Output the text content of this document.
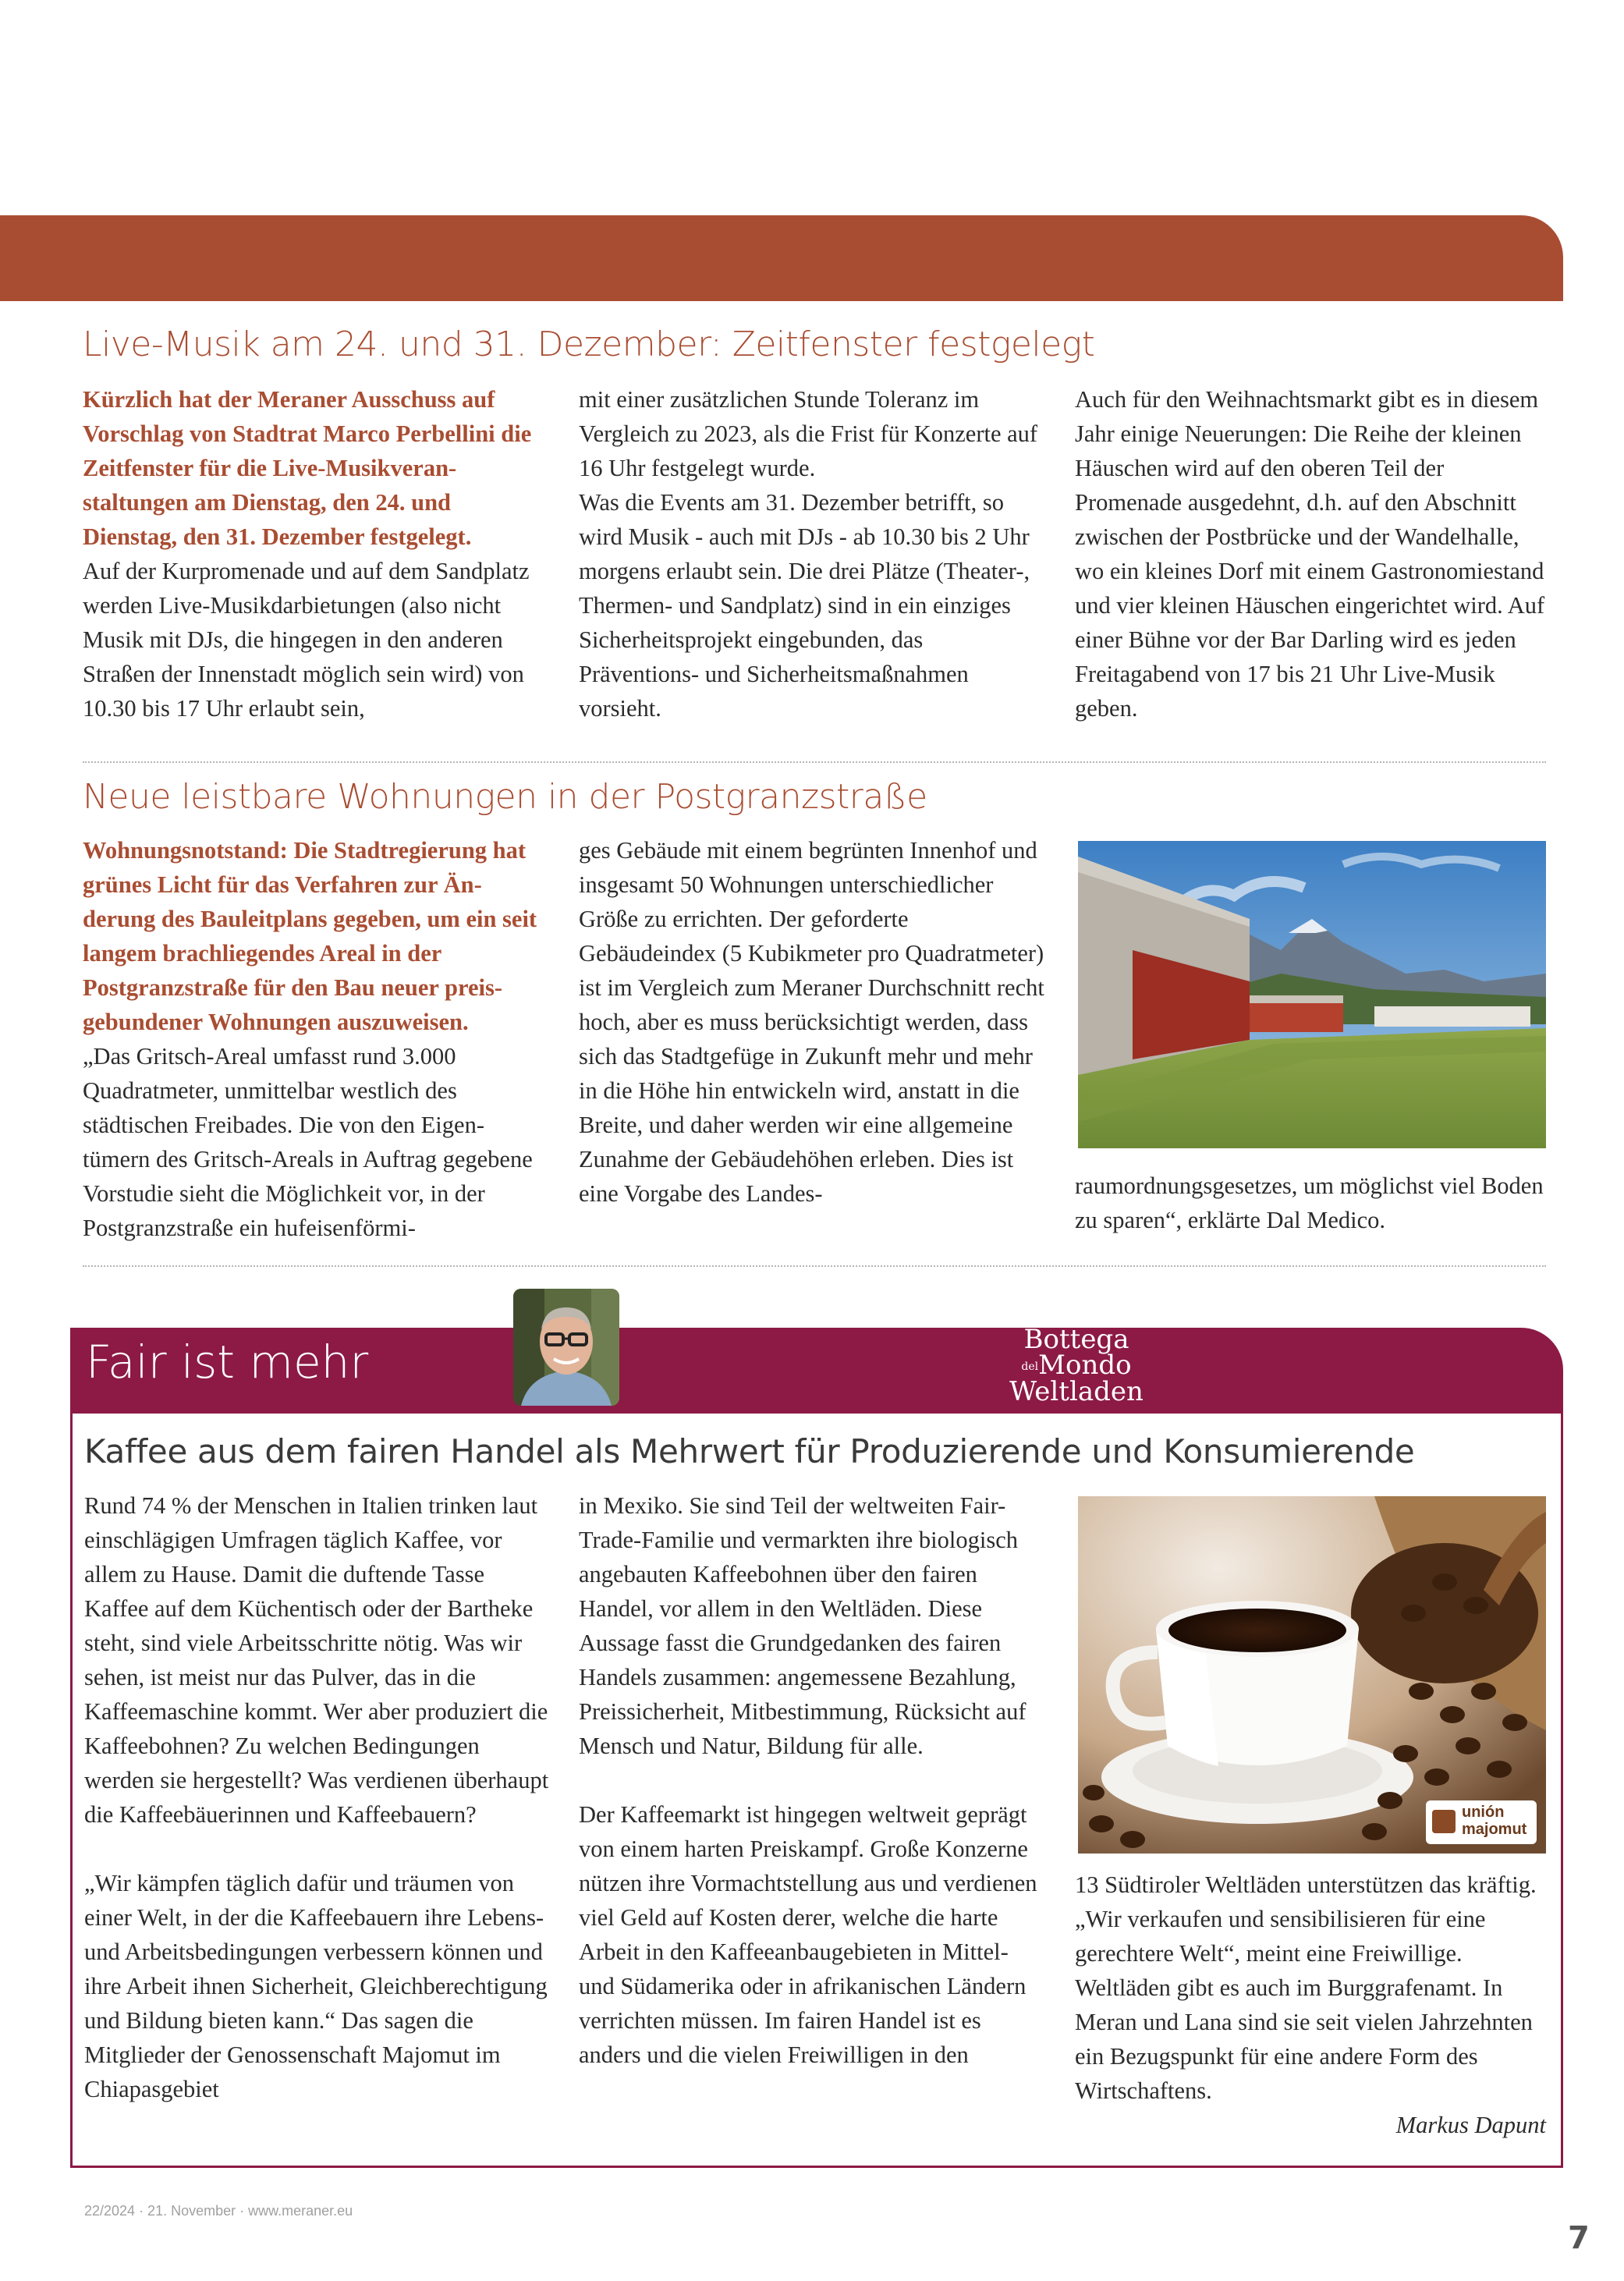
Live-Musik am 24. und 31. Dezember: Zeitfenster festgelegt

Kürzlich hat der Meraner Ausschuss auf Vorschlag von Stadtrat Marco Perbellini die Zeitfenster für die Live-Musikveranstaltungen am Dienstag, den 24. und Dienstag, den 31. Dezember festgelegt.

Auf der Kurpromenade und auf dem Sandplatz werden Live-Musikdarbietungen (also nicht Musik mit DJs, die hingegen in den anderen Straßen der Innenstadt möglich sein wird) von 10.30 bis 17 Uhr erlaubt sein,

mit einer zusätzlichen Stunde Toleranz im Vergleich zu 2023, als die Frist für Konzerte auf 16 Uhr festgelegt wurde.

Was die Events am 31. Dezember betrifft, so wird Musik - auch mit DJs - ab 10.30 bis 2 Uhr morgens erlaubt sein. Die drei Plätze (Theater-, Thermen- und Sandplatz) sind in ein einziges Sicherheitsprojekt eingebunden, das Präventions- und Sicherheitsmaßnahmen vorsieht.

Auch für den Weihnachtsmarkt gibt es in diesem Jahr einige Neuerungen: Die Reihe der kleinen Häuschen wird auf den oberen Teil der Promenade ausgedehnt, d.h. auf den Abschnitt zwischen der Postbrücke und der Wandelhalle, wo ein kleines Dorf mit einem Gastronomiestand und vier kleinen Häuschen eingerichtet wird. Auf einer Bühne vor der Bar Darling wird es jeden Freitagabend von 17 bis 21 Uhr Live-Musik geben.

Neue leistbare Wohnungen in der Postgranzstraße

Wohnungsnotstand: Die Stadtregierung hat grünes Licht für das Verfahren zur Änderung des Bauleitplans gegeben, um ein seit langem brachliegendes Areal in der Postgranzstraße für den Bau neuer preisgebundener Wohnungen auszuweisen.

„Das Gritsch-Areal umfasst rund 3.000 Quadratmeter, unmittelbar westlich des städtischen Freibades. Die von den Eigentümern des Gritsch-Areals in Auftrag gegebene Vorstudie sieht die Möglichkeit vor, in der Postgranzstraße ein hufeisenförmi-

ges Gebäude mit einem begrünten Innenhof und insgesamt 50 Wohnungen unterschiedlicher Größe zu errichten. Der geforderte Gebäudeindex (5 Kubikmeter pro Quadratmeter) ist im Vergleich zum Meraner Durchschnitt recht hoch, aber es muss berücksichtigt werden, dass sich das Stadtgefüge in Zukunft mehr und mehr in die Höhe hin entwickeln wird, anstatt in die Breite, und daher werden wir eine allgemeine Zunahme der Gebäudehöhen erleben. Dies ist eine Vorgabe des Landes-	raumordnungsgesetzes, um möglichst viel Boden zu sparen“, erklärte Dal Medico.

Fair ist mehr	Bottega
delMondo
Weltladen
Kaffee aus dem fairen Handel als Mehrwert für Produzierende und Konsumierende

Rund 74 % der Menschen in Italien trinken laut einschlägigen Umfragen täglich Kaffee, vor allem zu Hause. Damit die duftende Tasse Kaffee auf dem Küchentisch oder der Bartheke steht, sind viele Arbeitsschritte nötig. Was wir sehen, ist meist nur das Pulver, das in die Kaffeemaschine kommt. Wer aber produziert die Kaffeebohnen? Zu welchen Bedingungen werden sie hergestellt? Was verdienen überhaupt die Kaffeebäuerinnen und Kaffeebauern?

„Wir kämpfen täglich dafür und träumen von einer Welt, in der die Kaffeebauern ihre Lebens- und Arbeitsbedingungen verbessern können und ihre Arbeit ihnen Sicherheit, Gleichberechtigung und Bildung bieten kann.“ Das sagen die Mitglieder der Genossenschaft Majomut im Chiapasgebiet

in Mexiko. Sie sind Teil der weltweiten Fair-Trade-Familie und vermarkten ihre biologisch angebauten Kaffeebohnen über den fairen Handel, vor allem in den Weltläden. Diese Aussage fasst die Grundgedanken des fairen Handels zusammen: angemessene Bezahlung, Preissicherheit, Mitbestimmung, Rücksicht auf Mensch und Natur, Bildung für alle.

Der Kaffeemarkt ist hingegen weltweit geprägt von einem harten Preiskampf. Große Konzerne nützen ihre Vormachtstellung aus und verdienen viel Geld auf Kosten derer, welche die harte Arbeit in den Kaffeeanbaugebieten in Mittel- und Südamerika oder in afrikanischen Ländern verrichten müssen. Im fairen Handel ist es anders und die vielen Freiwilligen in den

unión
majomut

13 Südtiroler Weltläden unterstützen das kräftig. „Wir verkaufen und sensibilisieren für eine gerechtere Welt“, meint eine Freiwillige. Weltläden gibt es auch im Burggrafenamt. In Meran und Lana sind sie seit vielen Jahrzehnten ein Bezugspunkt für eine andere Form des Wirtschaftens.

Markus Dapunt

22/2024 · 21. November · www.meraner.eu
7
